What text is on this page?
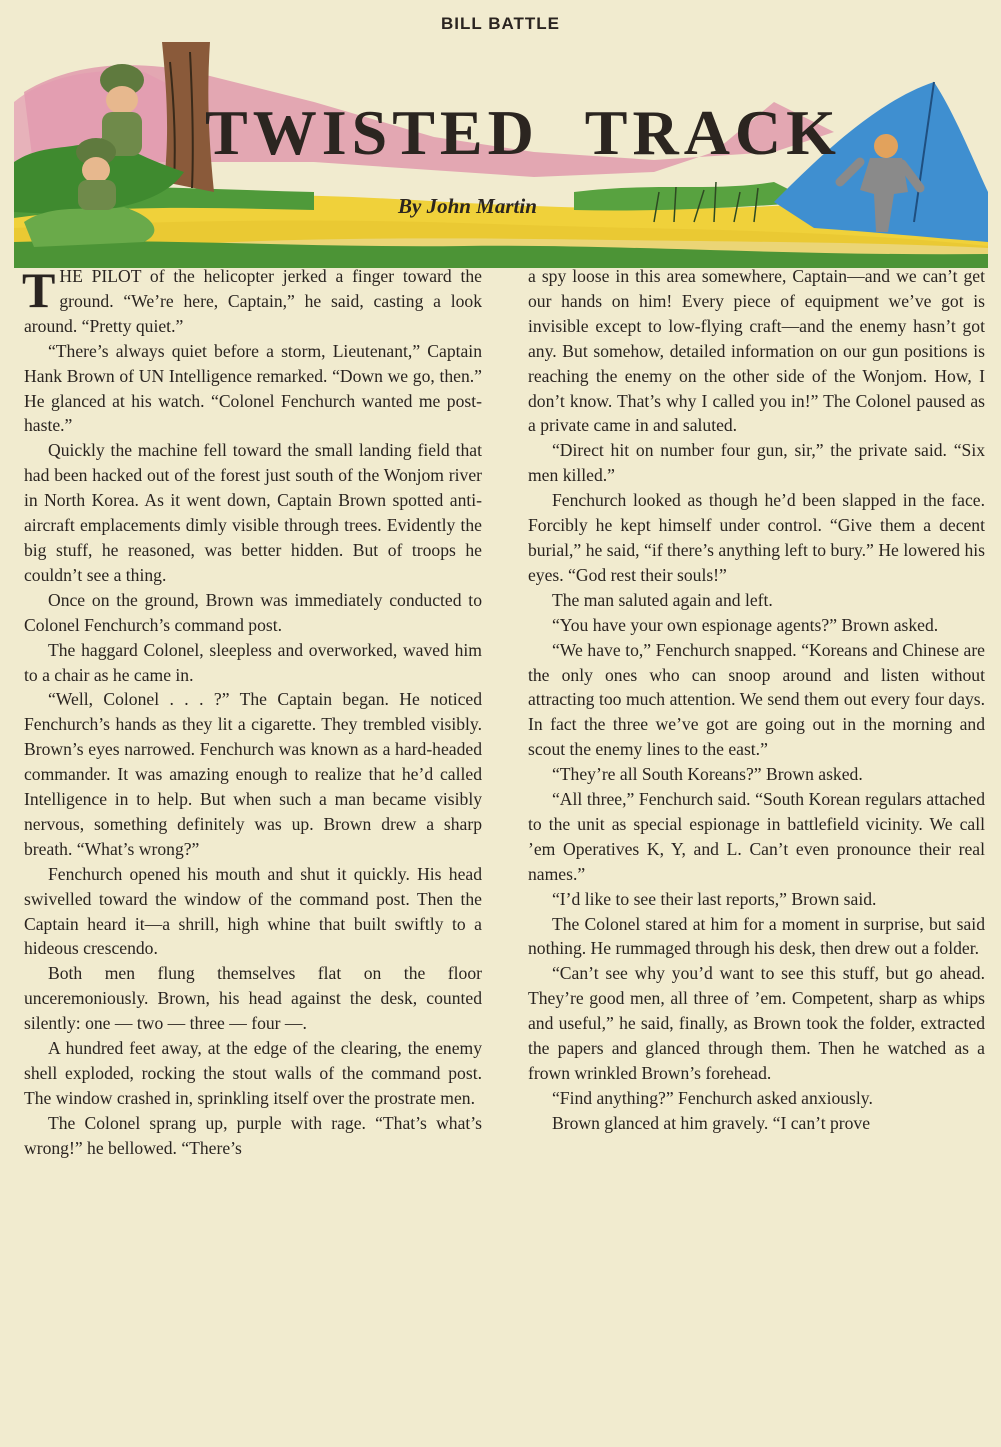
BILL BATTLE
TWISTED TRACK
By John Martin

THE PILOT of the helicopter jerked a finger toward the ground. “We’re here, Captain,” he said, casting a look around. “Pretty quiet.”

“There’s always quiet before a storm, Lieutenant,” Captain Hank Brown of UN Intelligence remarked. “Down we go, then.” He glanced at his watch. “Colonel Fenchurch wanted me post-haste.”

Quickly the machine fell toward the small landing field that had been hacked out of the forest just south of the Wonjom river in North Korea. As it went down, Captain Brown spotted anti-aircraft emplacements dimly visible through trees. Evidently the big stuff, he reasoned, was better hidden. But of troops he couldn’t see a thing.

Once on the ground, Brown was immediately conducted to Colonel Fenchurch’s command post.

The haggard Colonel, sleepless and overworked, waved him to a chair as he came in.

“Well, Colonel . . . ?” The Captain began. He noticed Fenchurch’s hands as they lit a cigarette. They trembled visibly. Brown’s eyes narrowed. Fenchurch was known as a hard-headed commander. It was amazing enough to realize that he’d called Intelligence in to help. But when such a man became visibly nervous, something definitely was up. Brown drew a sharp breath. “What’s wrong?”

Fenchurch opened his mouth and shut it quickly. His head swivelled toward the window of the command post. Then the Captain heard it—a shrill, high whine that built swiftly to a hideous crescendo.

Both men flung themselves flat on the floor unceremoniously. Brown, his head against the desk, counted silently: one — two — three — four —.

A hundred feet away, at the edge of the clearing, the enemy shell exploded, rocking the stout walls of the command post. The window crashed in, sprinkling itself over the prostrate men.

The Colonel sprang up, purple with rage. “That’s what’s wrong!” he bellowed. “There’s

a spy loose in this area somewhere, Captain—and we can’t get our hands on him! Every piece of equipment we’ve got is invisible except to low-flying craft—and the enemy hasn’t got any. But somehow, detailed information on our gun positions is reaching the enemy on the other side of the Wonjom. How, I don’t know. That’s why I called you in!” The Colonel paused as a private came in and saluted.

“Direct hit on number four gun, sir,” the private said. “Six men killed.”

Fenchurch looked as though he’d been slapped in the face. Forcibly he kept himself under control. “Give them a decent burial,” he said, “if there’s anything left to bury.” He lowered his eyes. “God rest their souls!”

The man saluted again and left.

“You have your own espionage agents?” Brown asked.

“We have to,” Fenchurch snapped. “Koreans and Chinese are the only ones who can snoop around and listen without attracting too much attention. We send them out every four days. In fact the three we’ve got are going out in the morning and scout the enemy lines to the east.”

“They’re all South Koreans?” Brown asked.

“All three,” Fenchurch said. “South Korean regulars attached to the unit as special espionage in battlefield vicinity. We call ’em Operatives K, Y, and L. Can’t even pronounce their real names.”

“I’d like to see their last reports,” Brown said.

The Colonel stared at him for a moment in surprise, but said nothing. He rummaged through his desk, then drew out a folder.

“Can’t see why you’d want to see this stuff, but go ahead. They’re good men, all three of ’em. Competent, sharp as whips and useful,” he said, finally, as Brown took the folder, extracted the papers and glanced through them. Then he watched as a frown wrinkled Brown’s forehead.

“Find anything?” Fenchurch asked anxiously.

Brown glanced at him gravely. “I can’t prove
